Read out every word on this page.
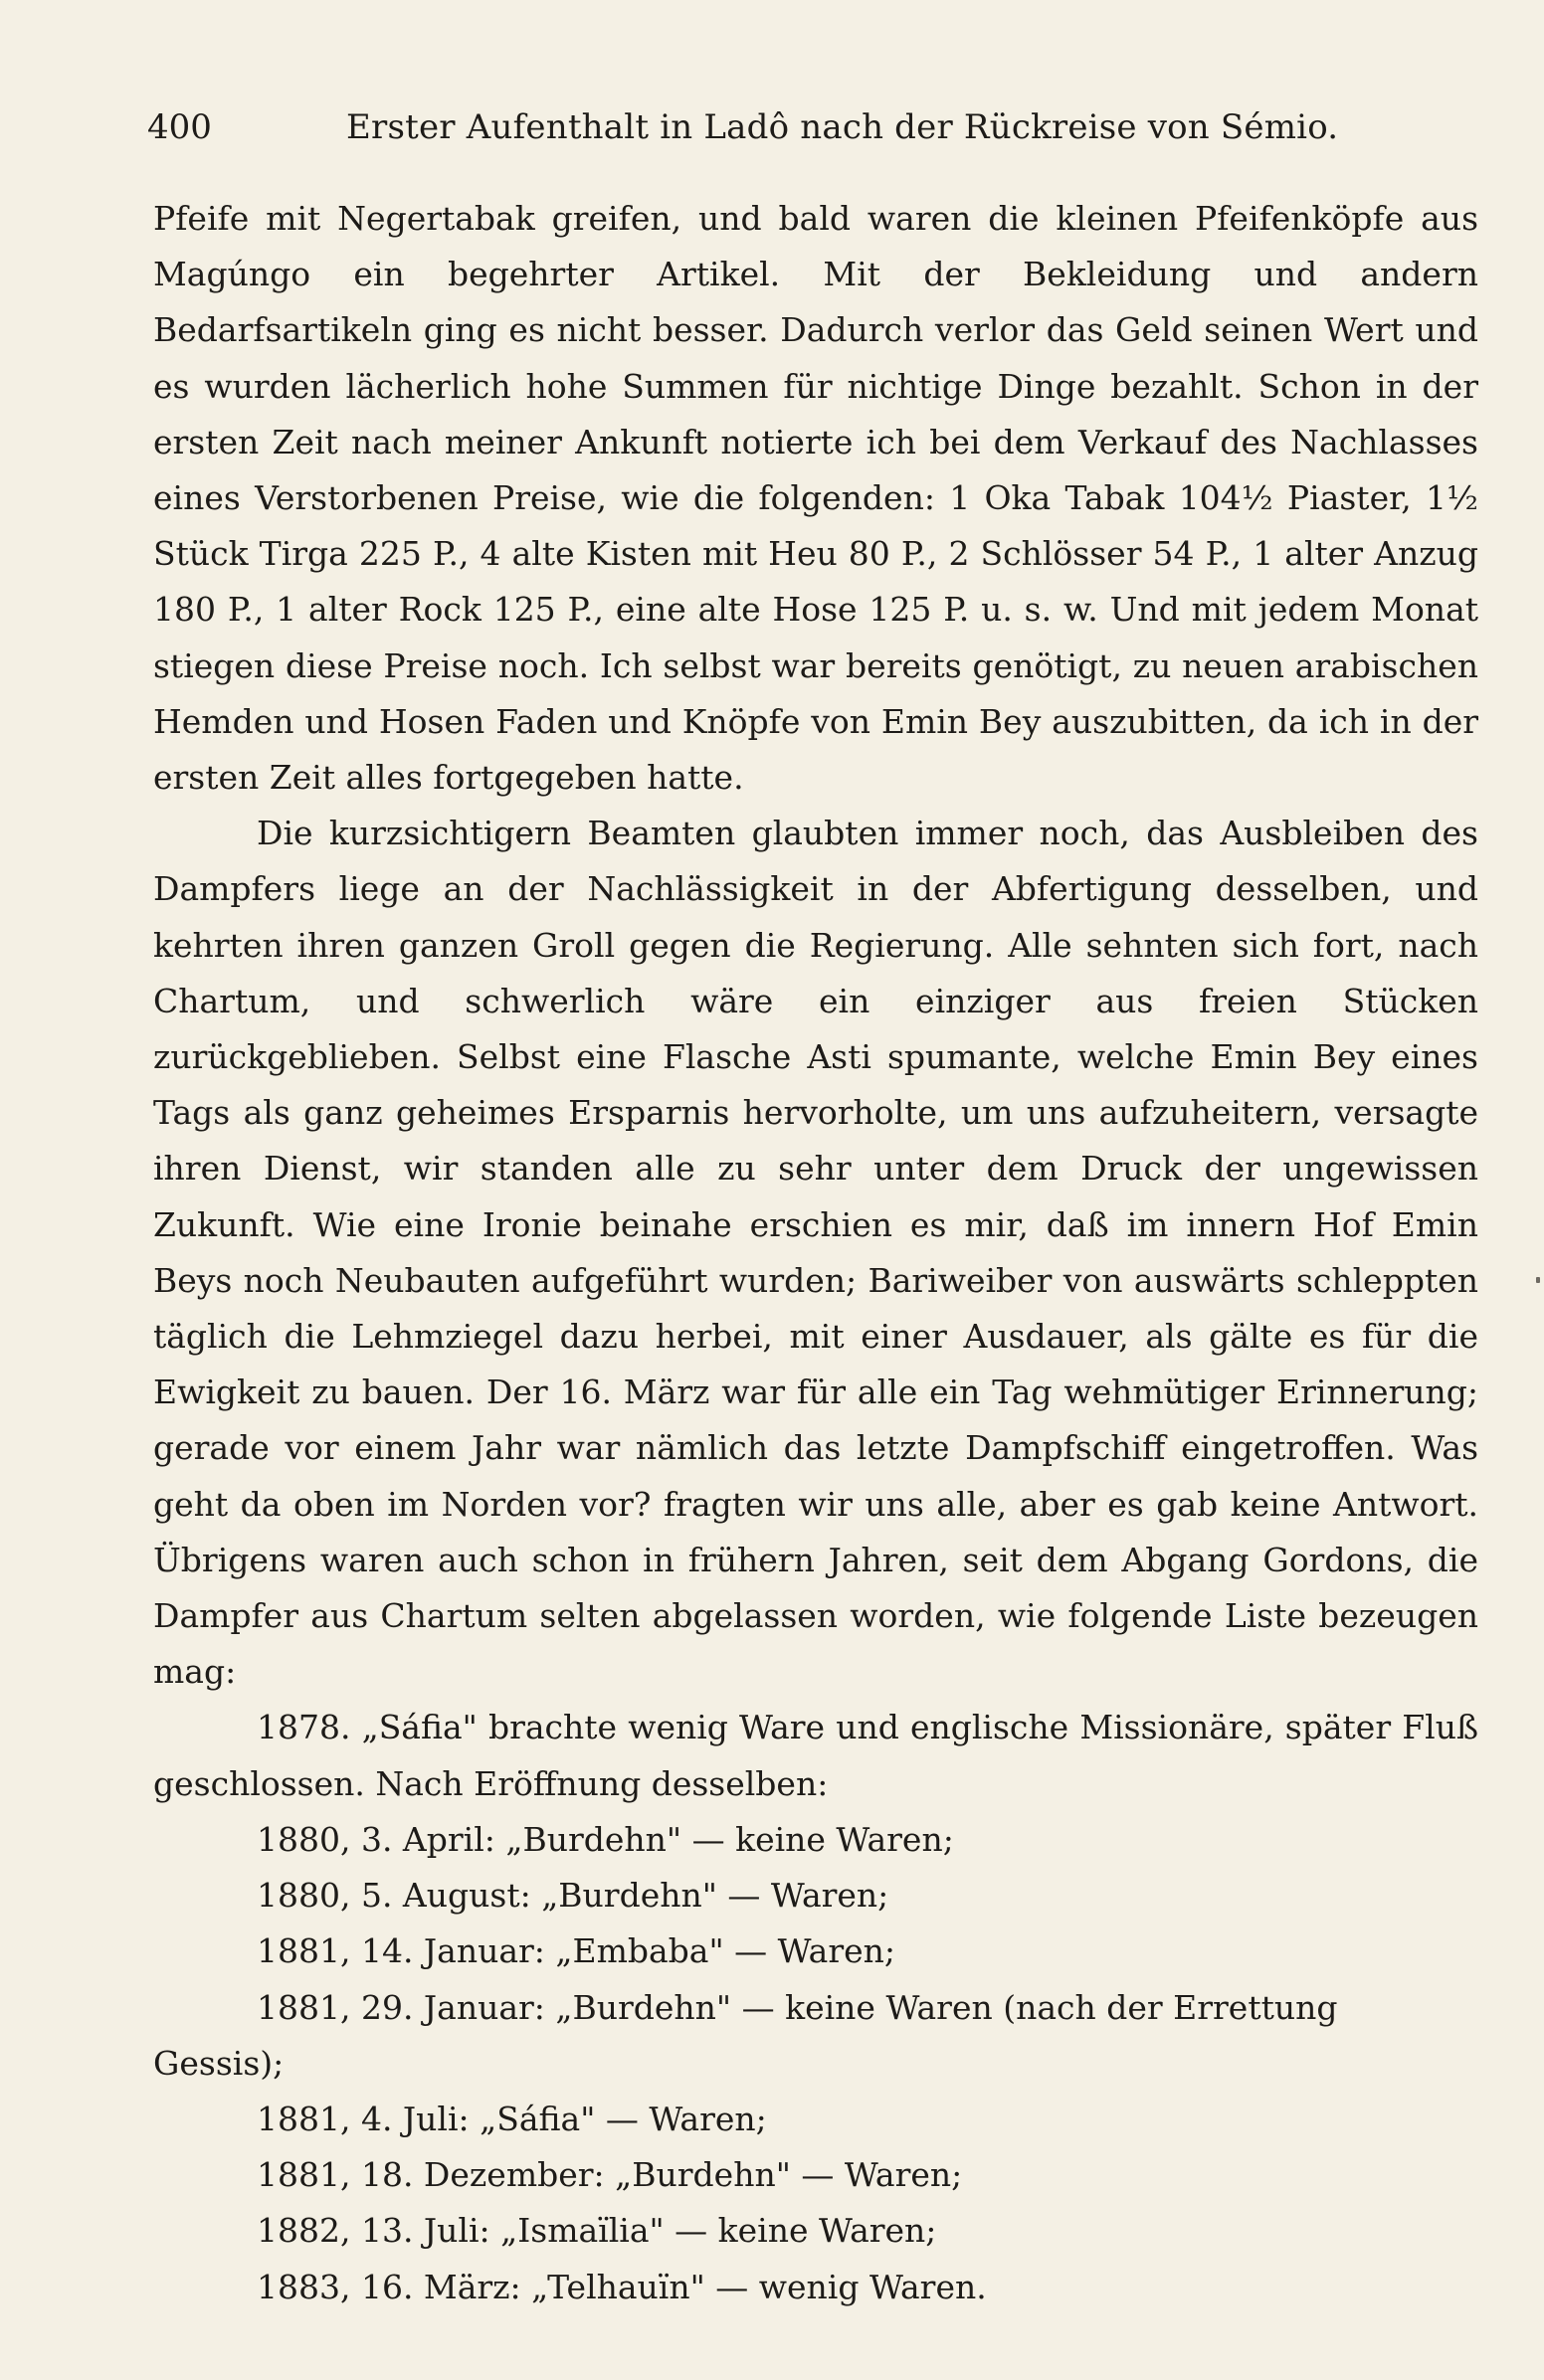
400	Erster Aufenthalt in Ladô nach der Rückreise von Sémio.

Pfeife mit Negertabak greifen, und bald waren die kleinen Pfeifenköpfe aus Magúngo ein begehrter Artikel. Mit der Bekleidung und andern Bedarfsartikeln ging es nicht besser. Dadurch verlor das Geld seinen Wert und es wurden lächerlich hohe Summen für nichtige Dinge bezahlt. Schon in der ersten Zeit nach meiner Ankunft notierte ich bei dem Verkauf des Nachlasses eines Verstorbenen Preise, wie die folgenden: 1 Oka Tabak 104½ Piaster, 1½ Stück Tirga 225 P., 4 alte Kisten mit Heu 80 P., 2 Schlösser 54 P., 1 alter Anzug 180 P., 1 alter Rock 125 P., eine alte Hose 125 P. u. s. w. Und mit jedem Monat stiegen diese Preise noch. Ich selbst war bereits genötigt, zu neuen arabischen Hemden und Hosen Faden und Knöpfe von Emin Bey auszubitten, da ich in der ersten Zeit alles fortgegeben hatte.

Die kurzsichtigern Beamten glaubten immer noch, das Ausbleiben des Dampfers liege an der Nachlässigkeit in der Abfertigung desselben, und kehrten ihren ganzen Groll gegen die Regierung. Alle sehnten sich fort, nach Chartum, und schwerlich wäre ein einziger aus freien Stücken zurückgeblieben. Selbst eine Flasche Asti spumante, welche Emin Bey eines Tags als ganz geheimes Ersparnis hervorholte, um uns aufzuheitern, versagte ihren Dienst, wir standen alle zu sehr unter dem Druck der ungewissen Zukunft. Wie eine Ironie beinahe erschien es mir, daß im innern Hof Emin Beys noch Neubauten aufgeführt wurden; Bariweiber von auswärts schleppten täglich die Lehmziegel dazu herbei, mit einer Ausdauer, als gälte es für die Ewigkeit zu bauen. Der 16. März war für alle ein Tag wehmütiger Erinnerung; gerade vor einem Jahr war nämlich das letzte Dampfschiff eingetroffen. Was geht da oben im Norden vor? fragten wir uns alle, aber es gab keine Antwort. Übrigens waren auch schon in frühern Jahren, seit dem Abgang Gordons, die Dampfer aus Chartum selten abgelassen worden, wie folgende Liste bezeugen mag:

1878. „Sáfia" brachte wenig Ware und englische Missionäre, später Fluß geschlossen. Nach Eröffnung desselben:

1880, 3. April: „Burdehn" — keine Waren;

1880, 5. August: „Burdehn" — Waren;

1881, 14. Januar: „Embaba" — Waren;

1881, 29. Januar: „Burdehn" — keine Waren (nach der Errettung Gessis);

1881, 4. Juli: „Sáfia" — Waren;

1881, 18. Dezember: „Burdehn" — Waren;

1882, 13. Juli: „Ismaïlia" — keine Waren;

1883, 16. März: „Telhauïn" — wenig Waren.
